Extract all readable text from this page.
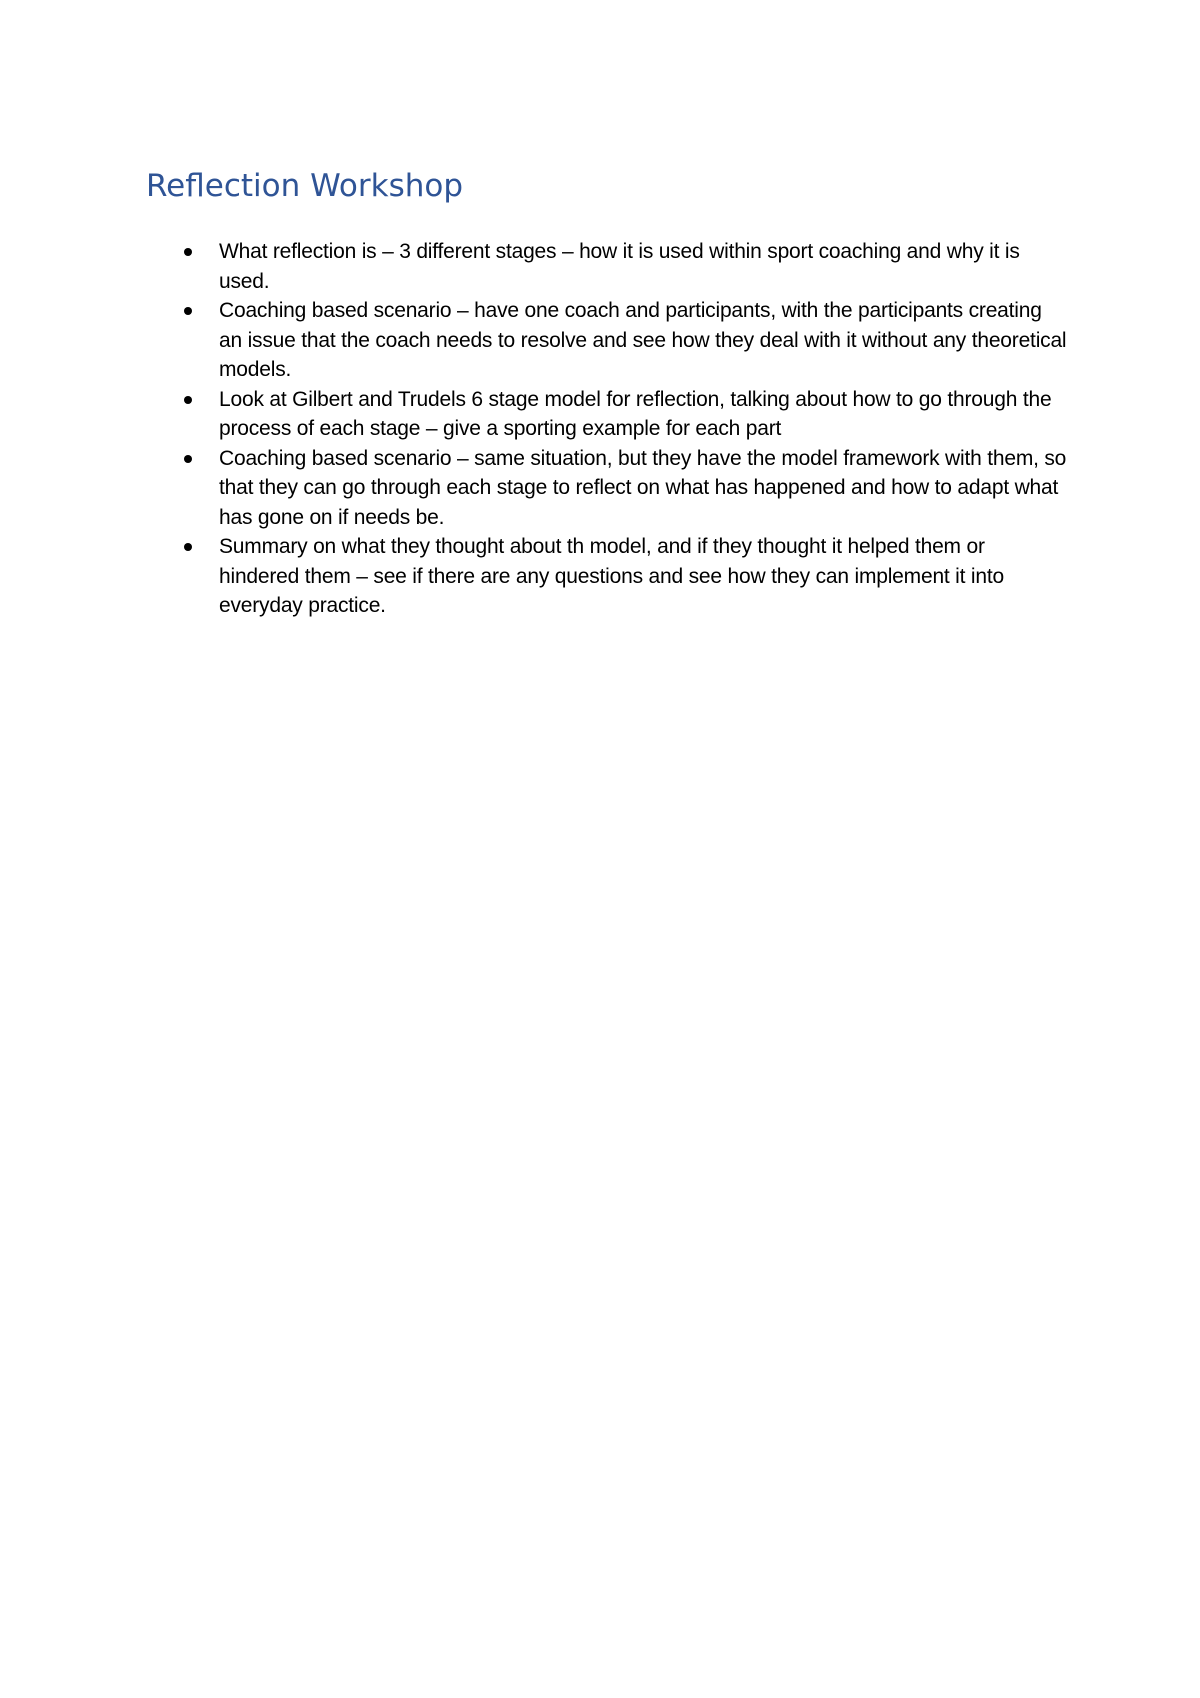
Reflection Workshop
What reflection is – 3 different stages – how it is used within sport coaching and why it is used.
Coaching based scenario – have one coach and participants, with the participants creating an issue that the coach needs to resolve and see how they deal with it without any theoretical models.
Look at Gilbert and Trudels 6 stage model for reflection, talking about how to go through the process of each stage – give a sporting example for each part
Coaching based scenario – same situation, but they have the model framework with them, so that they can go through each stage to reflect on what has happened and how to adapt what has gone on if needs be.
Summary on what they thought about th model, and if they thought it helped them or hindered them – see if there are any questions and see how they can implement it into everyday practice.
